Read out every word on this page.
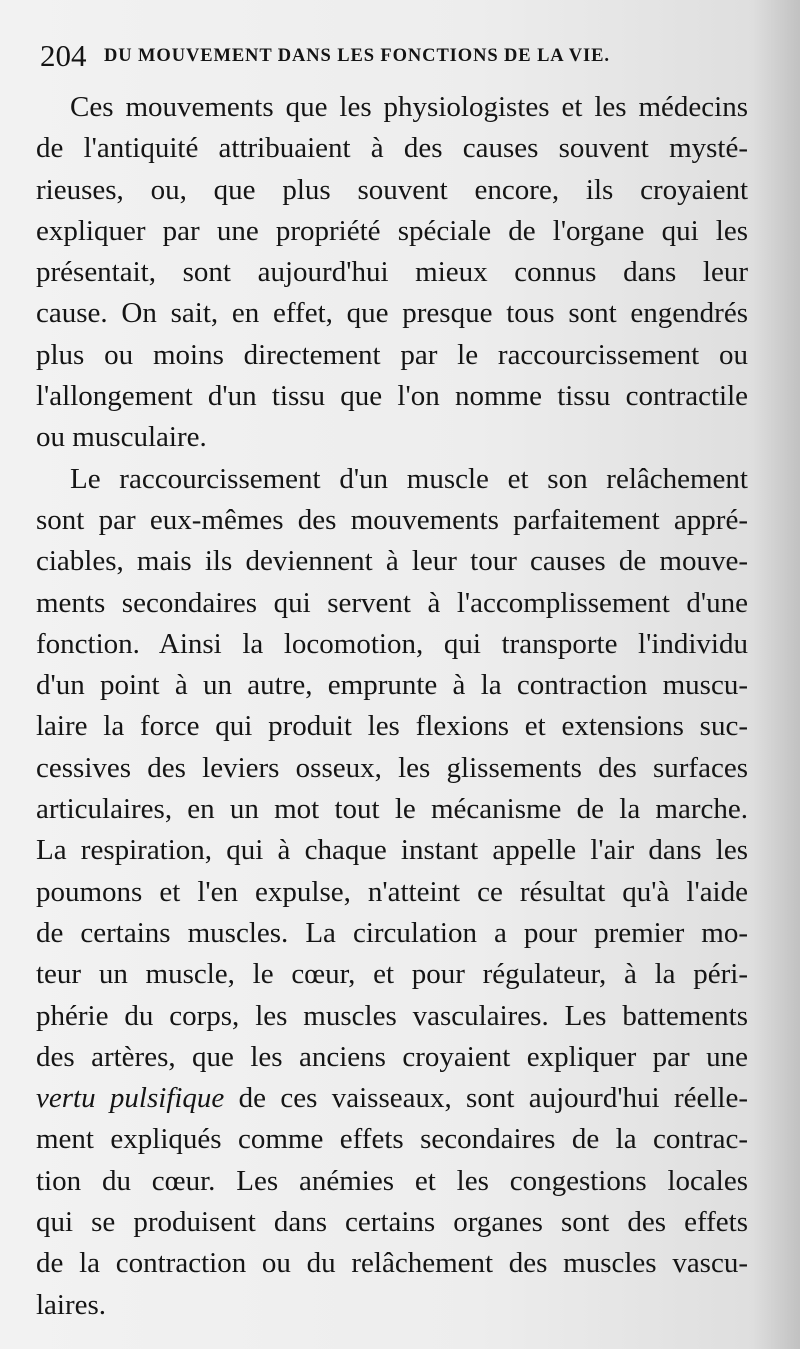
204 DU MOUVEMENT DANS LES FONCTIONS DE LA VIE.
Ces mouvements que les physiologistes et les médecins
de l'antiquité attribuaient à des causes souvent mysté-
rieuses, ou, que plus souvent encore, ils croyaient
expliquer par une propriété spéciale de l'organe qui les
présentait, sont aujourd'hui mieux connus dans leur
cause. On sait, en effet, que presque tous sont engendrés
plus ou moins directement par le raccourcissement ou
l'allongement d'un tissu que l'on nomme tissu contractile
ou musculaire.
Le raccourcissement d'un muscle et son relâchement
sont par eux-mêmes des mouvements parfaitement appré-
ciables, mais ils deviennent à leur tour causes de mouve-
ments secondaires qui servent à l'accomplissement d'une
fonction. Ainsi la locomotion, qui transporte l'individu
d'un point à un autre, emprunte à la contraction muscu-
laire la force qui produit les flexions et extensions suc-
cessives des leviers osseux, les glissements des surfaces
articulaires, en un mot tout le mécanisme de la marche.
La respiration, qui à chaque instant appelle l'air dans les
poumons et l'en expulse, n'atteint ce résultat qu'à l'aide
de certains muscles. La circulation a pour premier mo-
teur un muscle, le cœur, et pour régulateur, à la péri-
phérie du corps, les muscles vasculaires. Les battements
des artères, que les anciens croyaient expliquer par une
vertu pulsifique de ces vaisseaux, sont aujourd'hui réelle-
ment expliqués comme effets secondaires de la contrac-
tion du cœur. Les anémies et les congestions locales
qui se produisent dans certains organes sont des effets
de la contraction ou du relâchement des muscles vascu-
laires.
